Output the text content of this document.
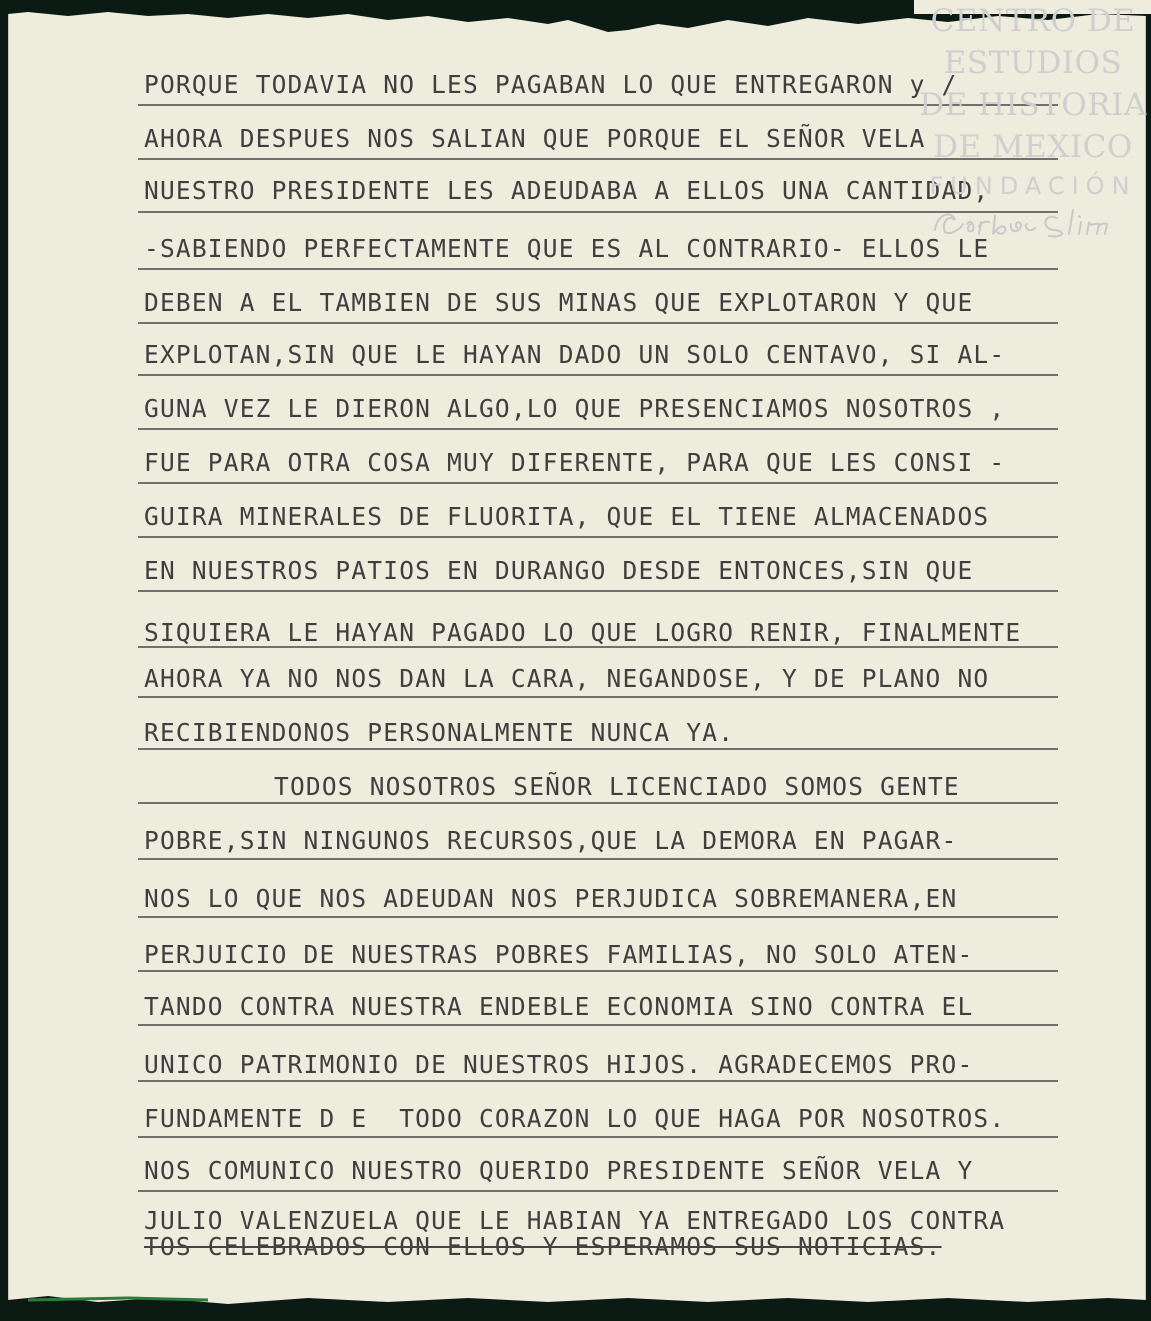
PORQUE TODAVIA NO LES PAGABAN LO QUE ENTREGARON y /
AHORA DESPUES NOS SALIAN QUE PORQUE EL SEÑOR VELA
NUESTRO PRESIDENTE LES ADEUDABA A ELLOS UNA CANTIDAD,
-SABIENDO PERFECTAMENTE QUE ES AL CONTRARIO- ELLOS LE
DEBEN A EL TAMBIEN DE SUS MINAS QUE EXPLOTARON Y QUE
EXPLOTAN,SIN QUE LE HAYAN DADO UN SOLO CENTAVO, SI AL-
GUNA VEZ LE DIERON ALGO,LO QUE PRESENCIAMOS NOSOTROS ,
FUE PARA OTRA COSA MUY DIFERENTE, PARA QUE LES CONSI -
GUIRA MINERALES DE FLUORITA, QUE EL TIENE ALMACENADOS
EN NUESTROS PATIOS EN DURANGO DESDE ENTONCES,SIN QUE
SIQUIERA LE HAYAN PAGADO LO QUE LOGRO RENIR, FINALMENTE
AHORA YA NO NOS DAN LA CARA, NEGANDOSE, Y DE PLANO NO
RECIBIENDONOS PERSONALMENTE NUNCA YA.
TODOS NOSOTROS SEÑOR LICENCIADO SOMOS GENTE
POBRE,SIN NINGUNOS RECURSOS,QUE LA DEMORA EN PAGAR-
NOS LO QUE NOS ADEUDAN NOS PERJUDICA SOBREMANERA,EN
PERJUICIO DE NUESTRAS POBRES FAMILIAS, NO SOLO ATEN-
TANDO CONTRA NUESTRA ENDEBLE ECONOMIA SINO CONTRA EL
UNICO PATRIMONIO DE NUESTROS HIJOS. AGRADECEMOS PRO-
FUNDAMENTE D E  TODO CORAZON LO QUE HAGA POR NOSOTROS.
NOS COMUNICO NUESTRO QUERIDO PRESIDENTE SEÑOR VELA Y
JULIO VALENZUELA QUE LE HABIAN YA ENTREGADO LOS CONTRA
TOS CELEBRADOS CON ELLOS Y ESPERAMOS SUS NOTICIAS.
CENTRO DE
ESTUDIOS
DE HISTORIA
DE MEXICO
FUNDACIÓN
